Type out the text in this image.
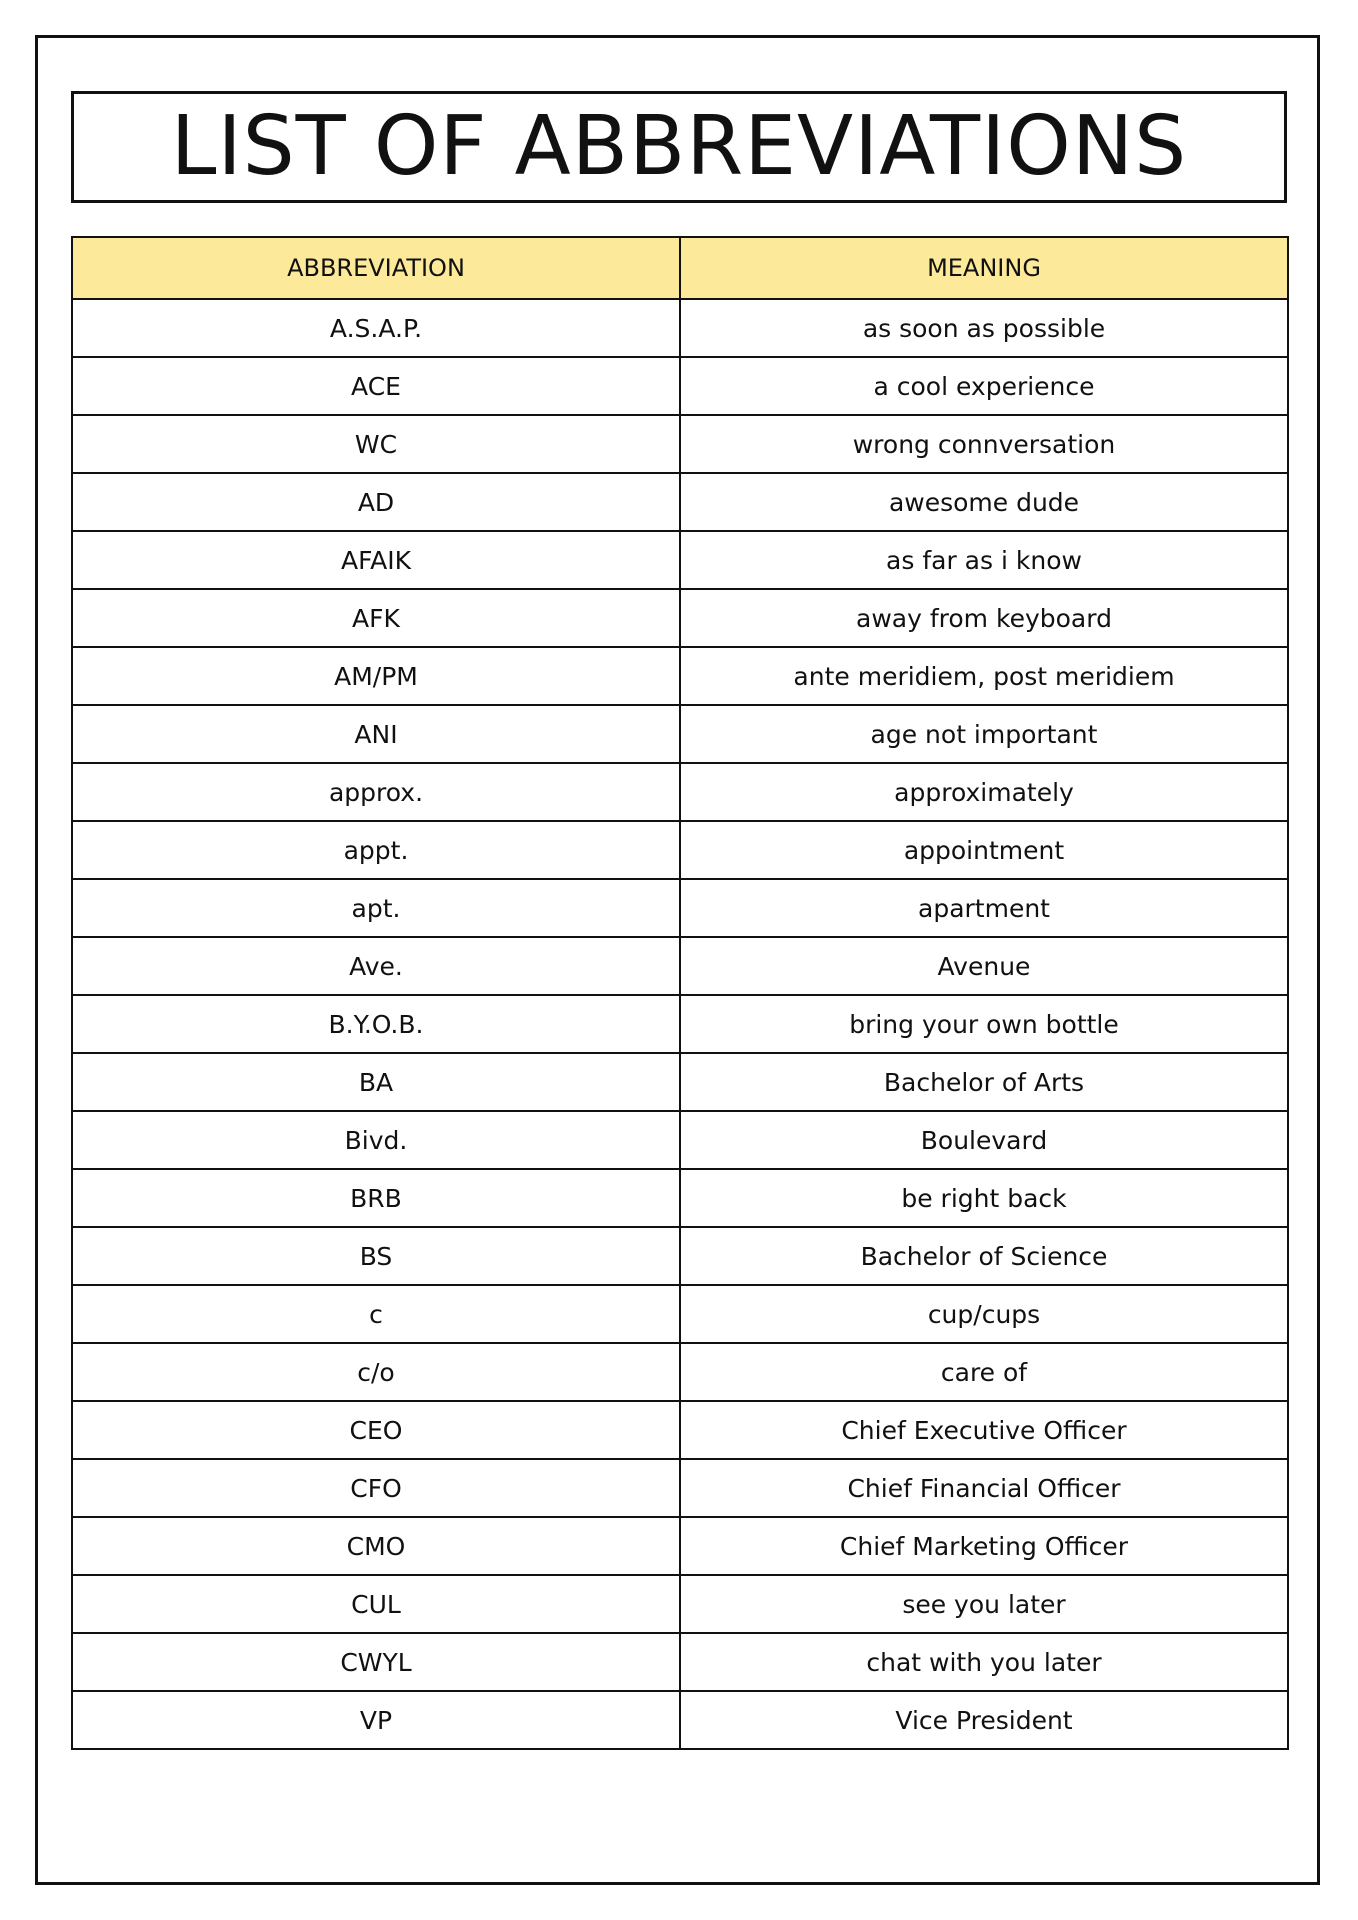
LIST OF ABBREVIATIONS
ABBREVIATION	MEANING
A.S.A.P.	as soon as possible
ACE	a cool experience
WC	wrong connversation
AD	awesome dude
AFAIK	as far as i know
AFK	away from keyboard
AM/PM	ante meridiem, post meridiem
ANI	age not important
approx.	approximately
appt.	appointment
apt.	apartment
Ave.	Avenue
B.Y.O.B.	bring your own bottle
BA	Bachelor of Arts
Bivd.	Boulevard
BRB	be right back
BS	Bachelor of Science
c	cup/cups
c/o	care of
CEO	Chief Executive Officer
CFO	Chief Financial Officer
CMO	Chief Marketing Officer
CUL	see you later
CWYL	chat with you later
VP	Vice President
